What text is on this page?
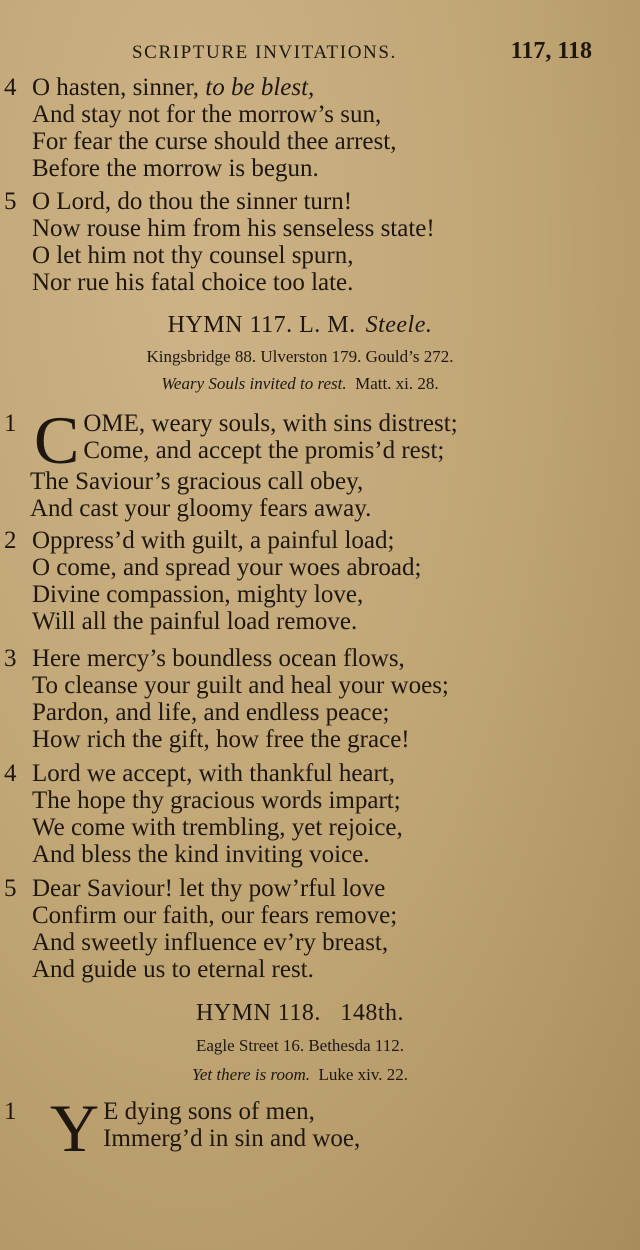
SCRIPTURE INVITATIONS.	117, 118
4 O hasten, sinner, to be blest,
And stay not for the morrow’s sun,
For fear the curse should thee arrest,
Before the morrow is begun.
5 O Lord, do thou the sinner turn!
Now rouse him from his senseless state!
O let him not thy counsel spurn,
Nor rue his fatal choice too late.
HYMN 117. L. M. Steele.
Kingsbridge 88. Ulverston 179. Gould’s 272.
Weary Souls invited to rest. Matt. xi. 28.
1 C OME, weary souls, with sins distrest;
Come, and accept the promis’d rest;
The Saviour’s gracious call obey,
And cast your gloomy fears away.
2 Oppress’d with guilt, a painful load;
O come, and spread your woes abroad;
Divine compassion, mighty love,
Will all the painful load remove.
3 Here mercy’s boundless ocean flows,
To cleanse your guilt and heal your woes;
Pardon, and life, and endless peace;
How rich the gift, how free the grace!
4 Lord we accept, with thankful heart,
The hope thy gracious words impart;
We come with trembling, yet rejoice,
And bless the kind inviting voice.
5 Dear Saviour! let thy pow’rful love
Confirm our faith, our fears remove;
And sweetly influence ev’ry breast,
And guide us to eternal rest.
HYMN 118. 148th.
Eagle Street 16. Bethesda 112.
Yet there is room. Luke xiv. 22.
1 Y E dying sons of men,
Immerg’d in sin and woe,
